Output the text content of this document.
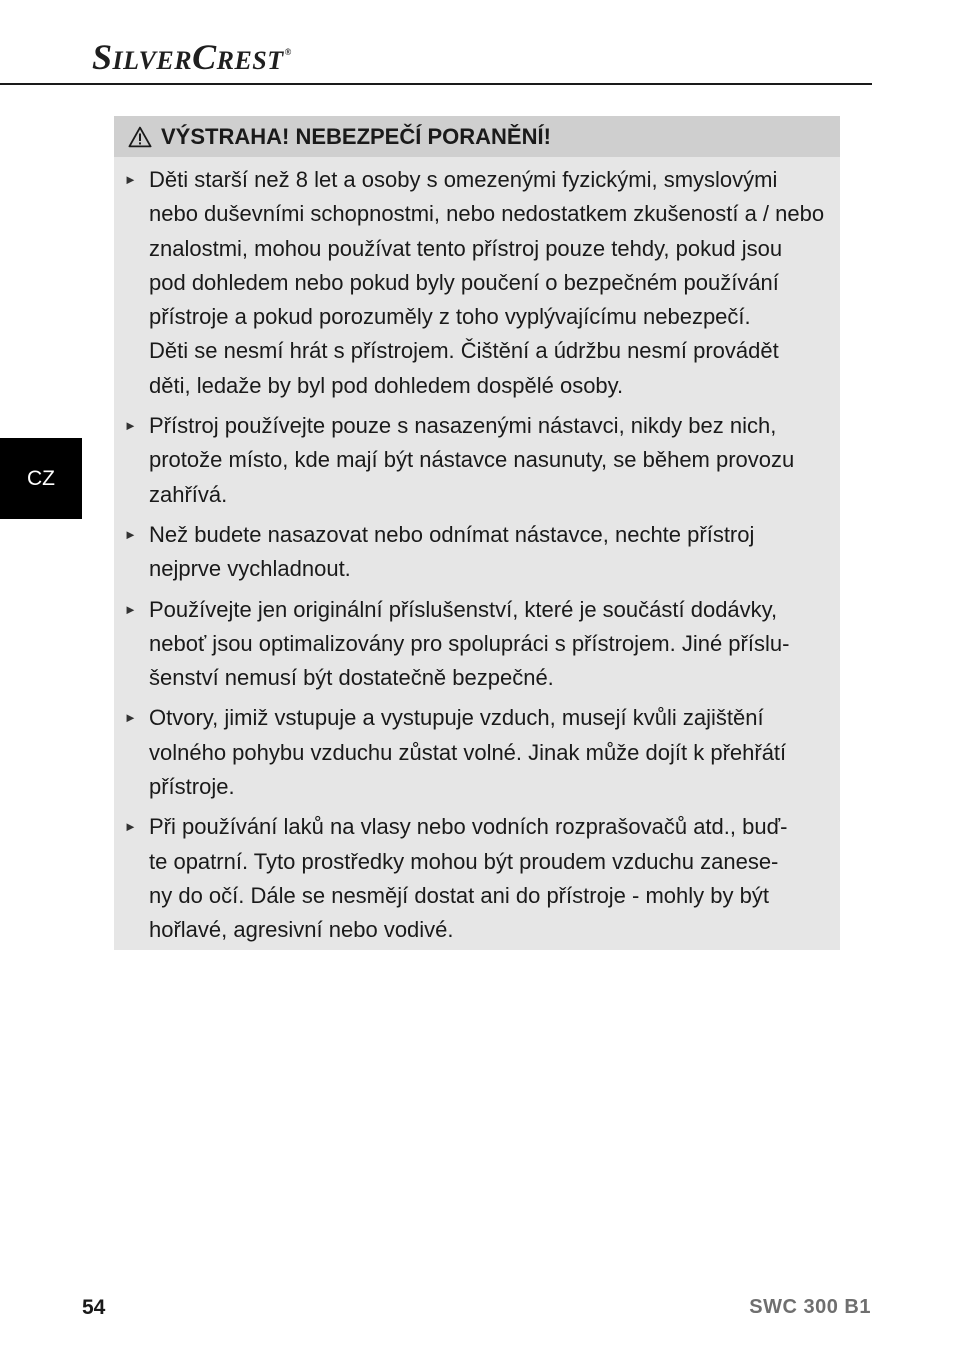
SILVERCREST®
CZ
VÝSTRAHA! NEBEZPEČÍ PORANĚNÍ!
► Děti starší než 8 let a osoby s omezenými fyzickými, smyslovými
nebo duševními schopnostmi, nebo nedostatkem zkušeností a / nebo
znalostmi, mohou používat tento přístroj pouze tehdy, pokud jsou
pod dohledem nebo pokud byly poučení o bezpečném používání
přístroje a pokud porozuměly z toho vyplývajícímu nebezpečí.
Děti se nesmí hrát s přístrojem. Čištění a údržbu nesmí provádět
děti, ledaže by byl pod dohledem dospělé osoby.
► Přístroj používejte pouze s nasazenými nástavci, nikdy bez nich,
protože místo, kde mají být nástavce nasunuty, se během provozu
zahřívá.
► Než budete nasazovat nebo odnímat nástavce, nechte přístroj
nejprve vychladnout.
► Používejte jen originální příslušenství, které je součástí dodávky,
neboť jsou optimalizovány pro spolupráci s přístrojem. Jiné příslu-
šenství nemusí být dostatečně bezpečné.
► Otvory, jimiž vstupuje a vystupuje vzduch, musejí kvůli zajištění
volného pohybu vzduchu zůstat volné. Jinak může dojít k přehřátí
přístroje.
► Při používání laků na vlasy nebo vodních rozprašovačů atd., buď-
te opatrní. Tyto prostředky mohou být proudem vzduchu zanese-
ny do očí. Dále se nesmějí dostat ani do přístroje - mohly by být
hořlavé, agresivní nebo vodivé.
54	SWC 300 B1
